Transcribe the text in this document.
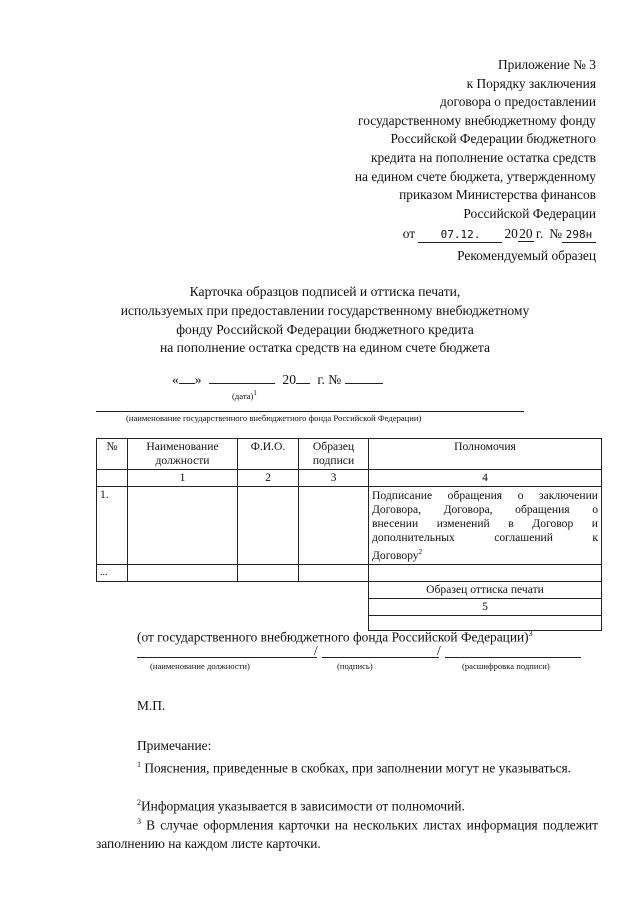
Приложение № 3
к Порядку заключения
договора о предоставлении
государственному внебюджетному фонду
Российской Федерации бюджетного
кредита на пополнение остатка средств
на едином счете бюджета, утвержденному
приказом Министерства финансов
Российской Федерации
от 07.12. 2020 г. № 298н
Рекомендуемый образец
Карточка образцов подписей и оттиска печати,
используемых при предоставлении государственному внебюджетному
фонду Российской Федерации бюджетного кредита
на пополнение остатка средств на едином счете бюджета
« »	20 г. №
(дата)$^1$
(наименование государственного внебюджетного фонда Российской Федерации)
№	Наименование должности	Ф.И.О.	Образец подписи	Полномочия
	1	2	3	4
1.				Подписание обращения о заключении
Договора, Договора, обращения о
внесении изменений в Договор и
дополнительных соглашений к
Договору$^2$

...				
				Образец оттиска печати
				5

(от государственного внебюджетного фонда Российской Федерации)$^3$
/	/
(наименование должности)	(подпись)	(расшифровка подписи)
М.П.
Примечание:
$^1$ Пояснения, приведенные в скобках, при заполнении могут не указываться.
$^2$Информация указывается в зависимости от полномочий.
$^3$ В случае оформления карточки на нескольких листах информация подлежит заполнению на каждом листе карточки.
